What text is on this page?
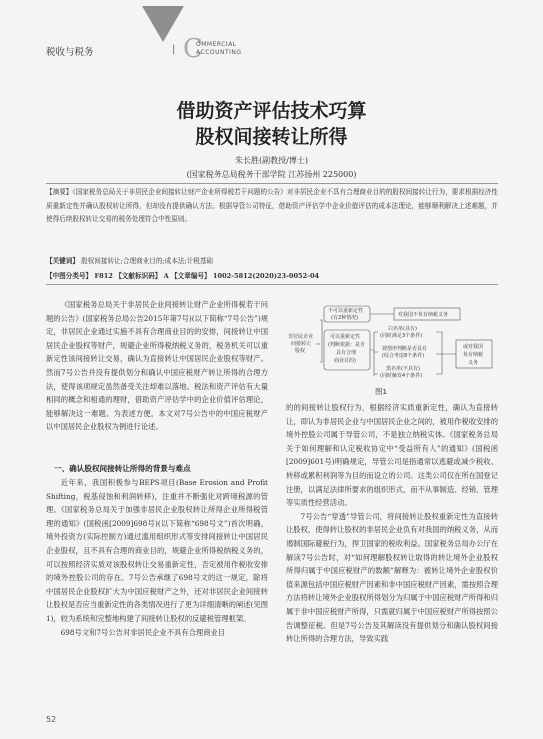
税收与税务	| C
OMMERCIAL
ACCOUNTING
借助资产评估技术巧算
股权间接转让所得
朱长胜(副教授/博士)
(国家税务总局税务干部学院 江苏扬州 225000)
【摘要】《国家税务总局关于非居民企业间接转让财产企业所得税若干问题的公告》对非居民企业不具有合理商业目的的股权间接转让行为，要求根据经济性质重新定性并确认股权转让所得，但却没有提供确认方法。根据导管公司特征，借助资产评估学中企业价值评估的成本法理论，能够顺利解决上述难题，并使得后续股权转让交易的税务处理符合中性原则。
【关键词】 股权间接转让;合理商业目的;成本法;计税基础
【中图分类号】 F812 【文献标识码】 A 【文章编号】 1002-5812(2020)23-0052-04

《国家税务总局关于非居民企业间接转让财产企业所得税若干问题的公告》(国家税务总局公告2015年第7号)(以下简称“7号公告”)规定，非居民企业通过实施不具有合理商业目的的安排，间接转让中国居民企业股权等财产，规避企业所得税纳税义务的，税务机关可以重新定性该间接转让交易，确认为直接转让中国居民企业股权等财产。然而7号公告并没有提供划分和确认中国应税财产转让所得的合理方法，使得该项规定虽然备受关注却难以落地。税法和资产评估有大量相同的概念和相通的理财，借助资产评估学中的企业价值评估理论，能够解决这一难题。为表述方便，本文对7号公告中的中国应税财产以中国居民企业股权为例进行论述。

一、确认股权间接转让所得的背景与难点

近年来，我国积极参与BEPS项目(Base Erosion and Profit Shifting，税基侵蚀和利润转移)，注重并不断强化对跨境税源的管理。《国家税务总局关于加强非居民企业股权转让所得企业所得税管理的通知》(国税函[2009]698号)(以下简称“698号文”)首次明确，境外投资方(实际控制方)通过滥用组织形式等安排间接转让中国居民企业股权，且不具有合理的商业目的，规避企业所得税纳税义务的，可以按照经济实质对该股权转让交易重新定性，否定被用作税收安排的境外控股公司的存在。7号公告承继了698号文的这一规定，除将中国居民企业股权扩大为中国应税财产之外，还对非居民企业间接转让股权是否应当重新定性的各类情况进行了更为详细清晰的阐述(见图1)，较为系统和完整地构建了间接转让股权的反避税管理框架。

698号文和7号公告对非居民企业不具有合理商业目

非居民企业
间接转让
股权
不可以重新定性
(有2种情况)	对我国不负有纳税义务
可以重新定性
(判断依据：是否
具有合理
商业目的)
白名单(具有)
(同时满足3个条件)
视情形判断是否具有
(综合考虑8个条件)
黑名单(不具有)
(同时触发4个条件)
或对我国
负有纳税
义务
图1

的的间接转让股权行为，根据经济实质重新定性，确认为直接转让，即认为非居民企业与中国居民企业之间的，被用作税收安排的境外控股公司属于导管公司，不是独立纳税实体。《国家税务总局关于如何理解和认定税收协定中“受益所有人”的通知》(国税函[2009]601号)明确规定，导管公司是指通常以逃避或减少税收、转移或累积利润等为目的而设立的公司。这类公司仅在所在国登记注册，以满足法律所要求的组织形式，而不从事制造、经销、管理等实质性经营活动。

7号公告“穿透”导管公司，将间接转让股权重新定性为直接转让股权，使得转让股权的非居民企业负有对我国的纳税义务，从而遏制国际避税行为，捍卫国家的税收利益。国家税务总局办公厅在解读7号公告时，对“如何理解股权转让取得的转让境外企业股权所得归属于中国应税财产的数额”解释为：被转让境外企业股权价值来源包括中国应税财产因素和非中国应税财产因素，需按照合理方法将转让境外企业股权所得划分为归属于中国应税财产所得和归属于非中国应税财产所得，只需就归属于中国应税财产所得按照公告调整征税。但是7号公告及其解读没有提供划分和确认股权间接转让所得的合理方法，导致实践

52
